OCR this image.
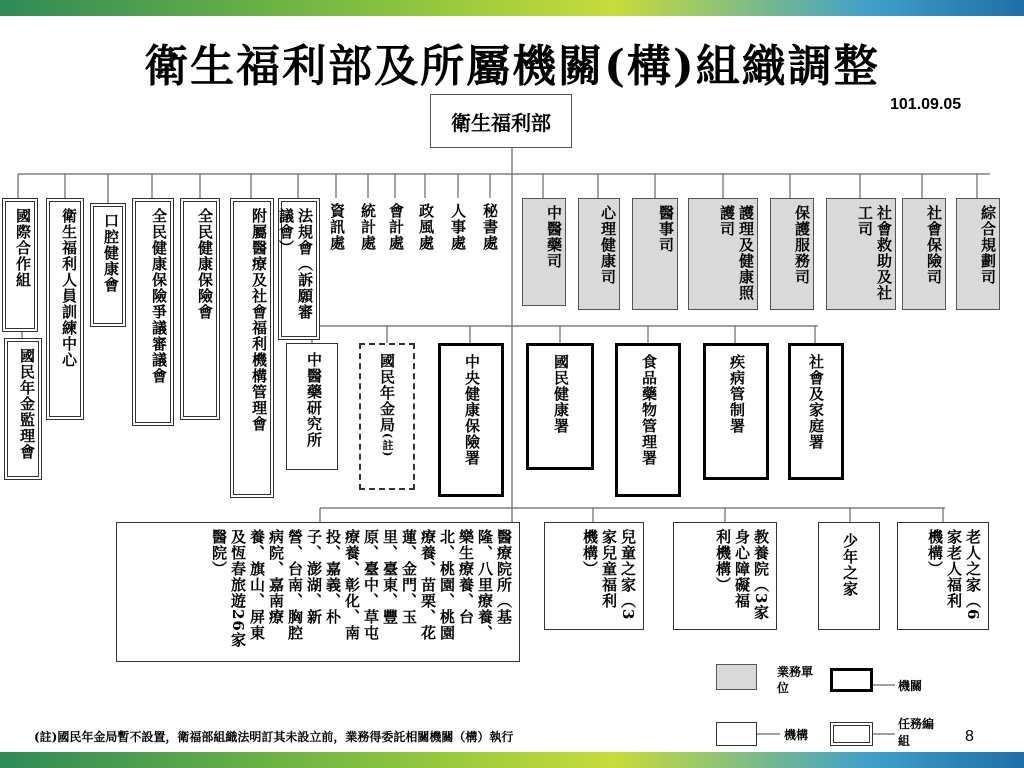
衛生福利部及所屬機關(構)組織調整
101.09.05
衛生福利部
國際合作組
國民年金監理會
衛生福利人員訓練中心	口腔健康會	全民健康保險爭議審議會	全民健康保險會	附屬醫療及社會福利機構管理會	法規會（訴願審議會）	資訊處 統計處 會計處 政風處 人事處 秘書處	中醫藥司	心理健康司	醫事司	護理及健康照護司	保護服務司	社會救助及社工司	社會保險司	綜合規劃司
中醫藥研究所	國民年金局(註)	中央健康保險署	國民健康署	食品藥物管理署	疾病管制署	社會及家庭署
醫療院所（基隆、八里療養、樂生療養、台北、桃園、桃園療養、苗栗、花蓮、金門、玉里、臺東、豐原、臺中、草屯療養、彰化、南投、嘉義、朴子、澎湖、新營、台南、胸腔病院、嘉南療養、旗山、屏東及恆春旅遊26家醫院）	兒童之家（3家兒童福利機構）	教養院（3家身心障礙福利機構）	少年之家	老人之家（6家老人福利機構）
業務單位	機關
機構
任務編組
(註)國民年金局暫不設置，衛福部組織法明訂其未設立前，業務得委託相關機關（構）執行	8
